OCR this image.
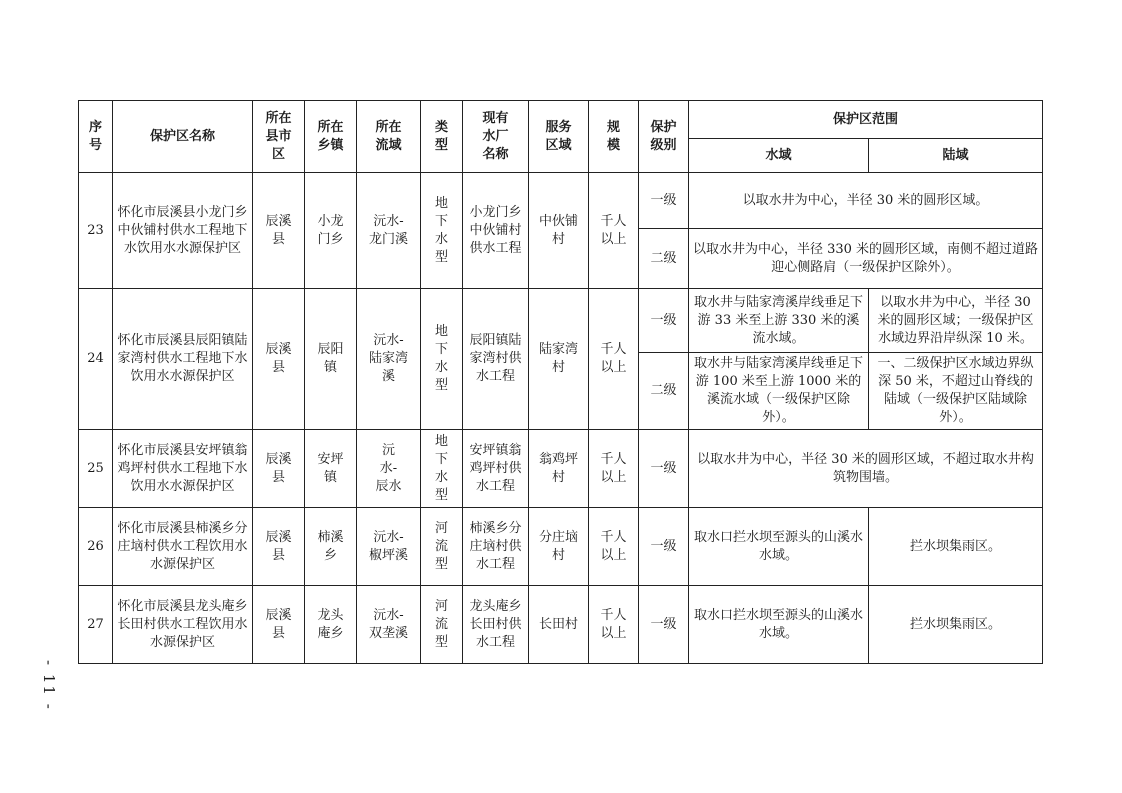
序号	保护区名称	所在县市区	所在乡镇	所在流域	类型	现有水厂名称	服务区域	规模	保护级别	保护区范围	
										水域	陆域
23	怀化市辰溪县小龙门乡中伙铺村供水工程地下水饮用水水源保护区	辰溪县	小龙门乡	沅水-龙门溪	地下水型	小龙门乡中伙铺村供水工程	中伙铺村	千人以上	一级	以取水井为中心，半径 30 米的圆形区域。	
									二级	以取水井为中心，半径 330 米的圆形区域，南侧不超过道路迎心侧路肩（一级保护区除外）。	
24	怀化市辰溪县辰阳镇陆家湾村供水工程地下水饮用水水源保护区	辰溪县	辰阳镇	沅水-陆家湾溪	地下水型	辰阳镇陆家湾村供水工程	陆家湾村	千人以上	一级	取水井与陆家湾溪岸线垂足下游 33 米至上游 330 米的溪流水域。	以取水井为中心，半径 30 米的圆形区域；一级保护区水域边界沿岸纵深 10 米。
									二级	取水井与陆家湾溪岸线垂足下游 100 米至上游 1000 米的溪流水域（一级保护区除外）。	一、二级保护区水域边界纵深 50 米，不超过山脊线的陆域（一级保护区陆域除外）。
25	怀化市辰溪县安坪镇翁鸡坪村供水工程地下水饮用水水源保护区	辰溪县	安坪镇	沅水-辰水	地下水型	安坪镇翁鸡坪村供水工程	翁鸡坪村	千人以上	一级	以取水井为中心，半径 30 米的圆形区域，不超过取水井构筑物围墙。	
26	怀化市辰溪县柿溪乡分庄垴村供水工程饮用水水源保护区	辰溪县	柿溪乡	沅水-椒坪溪	河流型	柿溪乡分庄垴村供水工程	分庄垴村	千人以上	一级	取水口拦水坝至源头的山溪水水域。	拦水坝集雨区。
27	怀化市辰溪县龙头庵乡长田村供水工程饮用水水源保护区	辰溪县	龙头庵乡	沅水-双垄溪	河流型	龙头庵乡长田村供水工程	长田村	千人以上	一级	取水口拦水坝至源头的山溪水水域。	拦水坝集雨区。
- 11 -
